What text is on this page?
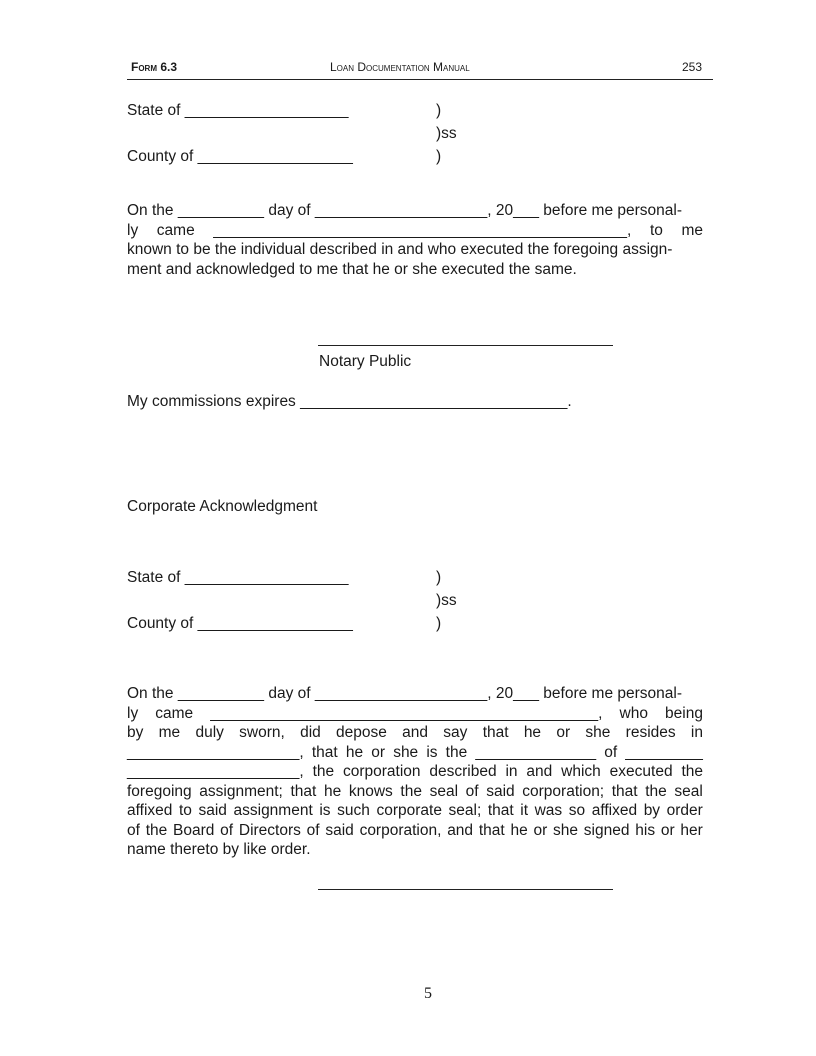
Form 6.3	Loan Documentation Manual	253
State of ___________________	)
)ss
County of __________________	)
On the __________ day of ____________________, 20___ before me personal-
ly came ________________________________________________, to me
known to be the individual described in and who executed the foregoing assign-
ment and acknowledged to me that he or she executed the same.
Notary Public
My commissions expires _______________________________.
Corporate Acknowledgment
State of ___________________	)
)ss
County of __________________	)
On the __________ day of ____________________, 20___ before me personal-
ly came _____________________________________________, who being
by me duly sworn, did depose and say that he or she resides in
____________________, that he or she is the ______________ of _________
____________________, the corporation described in and which executed the
foregoing assignment; that he knows the seal of said corporation; that the seal
affixed to said assignment is such corporate seal; that it was so affixed by order
of the Board of Directors of said corporation, and that he or she signed his or her
name thereto by like order.
5
